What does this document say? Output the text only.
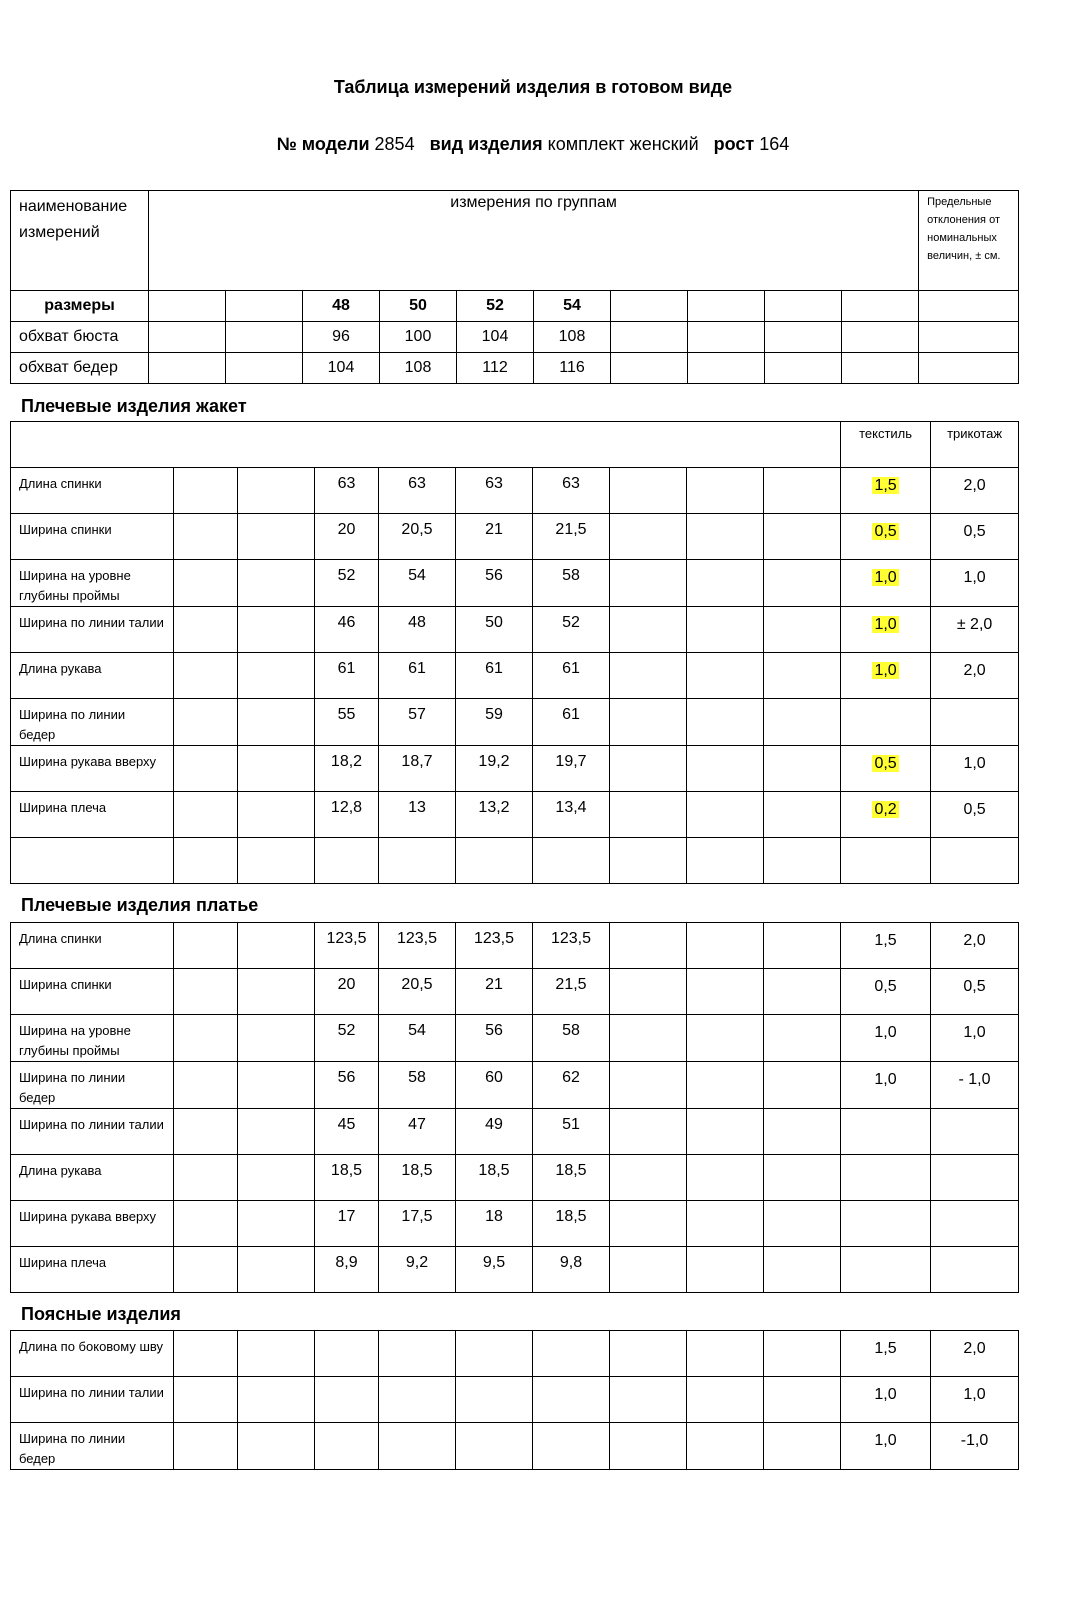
Таблица измерений изделия в готовом виде
№ модели 2854 вид изделия комплект женский рост 164
наименование измерений	измерения по группам										Предельные отклонения от номинальных величин, ± см.
размеры			48	50	52	54					
обхват бюста			96	100	104	108					
обхват бедер			104	108	112	116					
Плечевые изделия жакет
										текстиль	трикотаж
Длина спинки			63	63	63	63				1,5	2,0
Ширина спинки			20	20,5	21	21,5				0,5	0,5
Ширина на уровне глубины проймы			52	54	56	58				1,0	1,0
Ширина по линии талии			46	48	50	52				1,0	± 2,0
Длина рукава			61	61	61	61				1,0	2,0
Ширина по линии бедер			55	57	59	61					
Ширина рукава вверху			18,2	18,7	19,2	19,7				0,5	1,0
Ширина плеча			12,8	13	13,2	13,4				0,2	0,5

Плечевые изделия платье
Длина спинки			123,5	123,5	123,5	123,5				1,5	2,0
Ширина спинки			20	20,5	21	21,5				0,5	0,5
Ширина на уровне глубины проймы			52	54	56	58				1,0	1,0
Ширина по линии бедер			56	58	60	62				1,0	- 1,0
Ширина по линии талии			45	47	49	51					
Длина рукава			18,5	18,5	18,5	18,5					
Ширина рукава вверху			17	17,5	18	18,5					
Ширина плеча			8,9	9,2	9,5	9,8					
Поясные изделия
Длина по боковому шву										1,5	2,0
Ширина по линии талии										1,0	1,0
Ширина по линии бедер										1,0	-1,0
